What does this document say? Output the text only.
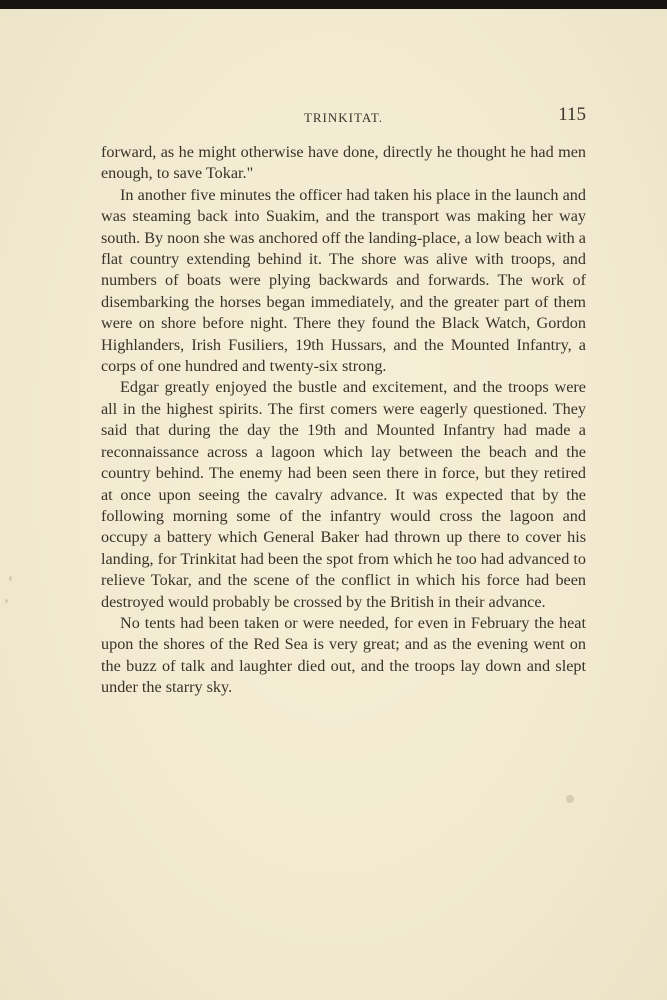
TRINKITAT.	115

forward, as he might otherwise have done, directly he thought he had men enough, to save Tokar."

In another five minutes the officer had taken his place in the launch and was steaming back into Suakim, and the transport was making her way south. By noon she was anchored off the landing-place, a low beach with a flat country extending behind it. The shore was alive with troops, and numbers of boats were plying backwards and forwards. The work of disembarking the horses began immediately, and the greater part of them were on shore before night. There they found the Black Watch, Gordon Highlanders, Irish Fusiliers, 19th Hussars, and the Mounted Infantry, a corps of one hundred and twenty-six strong.

Edgar greatly enjoyed the bustle and excitement, and the troops were all in the highest spirits. The first comers were eagerly questioned. They said that during the day the 19th and Mounted Infantry had made a reconnaissance across a lagoon which lay between the beach and the country behind. The enemy had been seen there in force, but they retired at once upon seeing the cavalry advance. It was expected that by the following morning some of the infantry would cross the lagoon and occupy a battery which General Baker had thrown up there to cover his landing, for Trinkitat had been the spot from which he too had advanced to relieve Tokar, and the scene of the conflict in which his force had been destroyed would probably be crossed by the British in their advance.

No tents had been taken or were needed, for even in February the heat upon the shores of the Red Sea is very great; and as the evening went on the buzz of talk and laughter died out, and the troops lay down and slept under the starry sky.
